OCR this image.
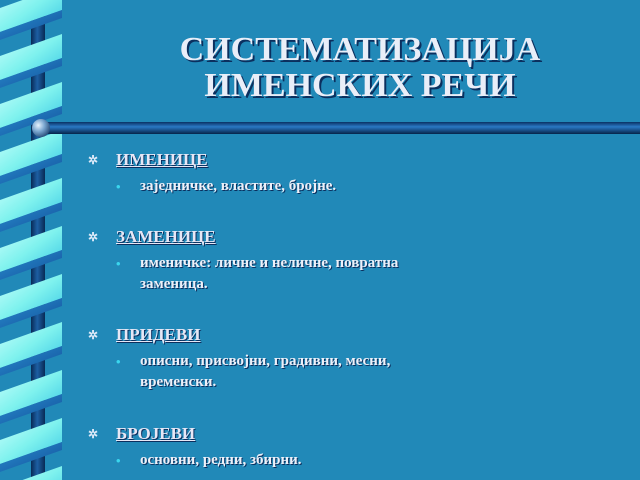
СИСТЕМАТИЗАЦИЈА
ИМЕНСКИХ РЕЧИ
✲	ИМЕНИЦЕ
•	заједничке, властите, бројне.
✲	ЗАМЕНИЦЕ
•	именичке: личне и неличне, повратна
заменица.
✲	ПРИДЕВИ
•	описни, присвојни, градивни, месни,
временски.
✲	БРОЈЕВИ
•	основни, редни, збирни.
